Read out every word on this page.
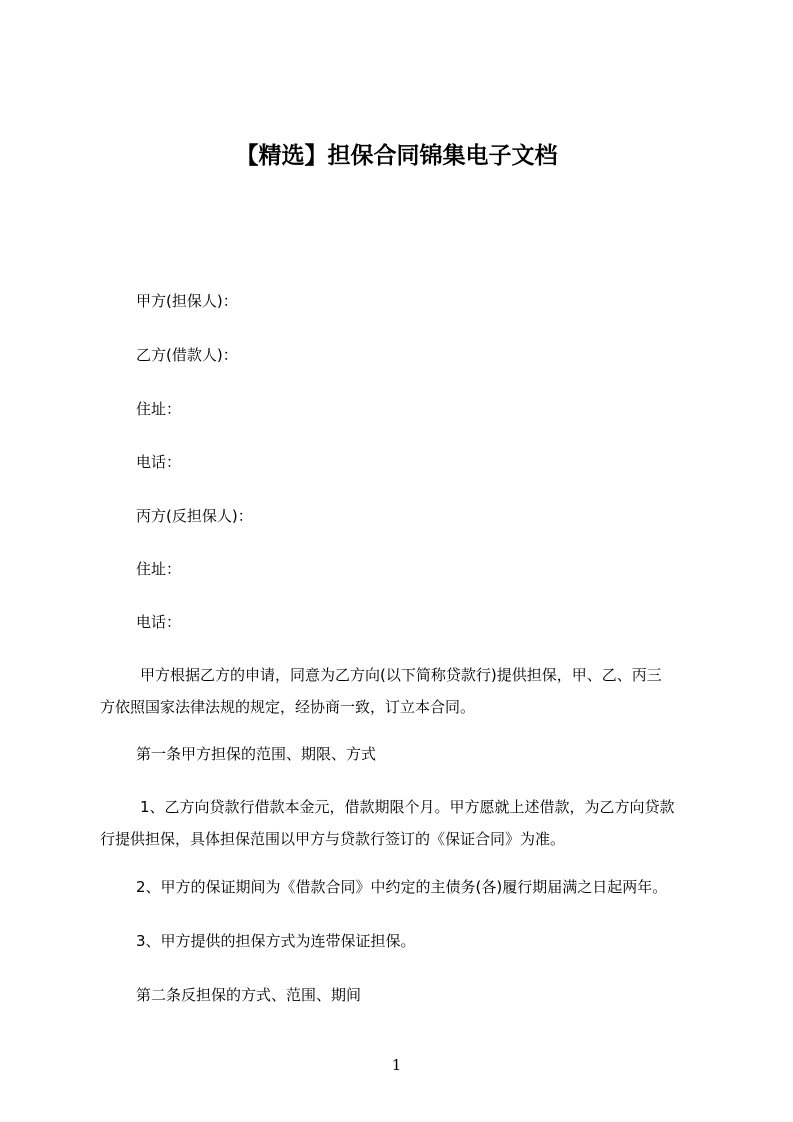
【精选】担保合同锦集电子文档
甲方(担保人)：
乙方(借款人)：
住址：
电话：
丙方(反担保人)：
住址：
电话：
甲方根据乙方的申请，同意为乙方向(以下简称贷款行)提供担保，甲、乙、丙三
方依照国家法律法规的规定，经协商一致，订立本合同。
第一条甲方担保的范围、期限、方式
1、乙方向贷款行借款本金元，借款期限个月。甲方愿就上述借款，为乙方向贷款
行提供担保，具体担保范围以甲方与贷款行签订的《保证合同》为准。
2、甲方的保证期间为《借款合同》中约定的主债务(各)履行期届满之日起两年。
3、甲方提供的担保方式为连带保证担保。
第二条反担保的方式、范围、期间
1
